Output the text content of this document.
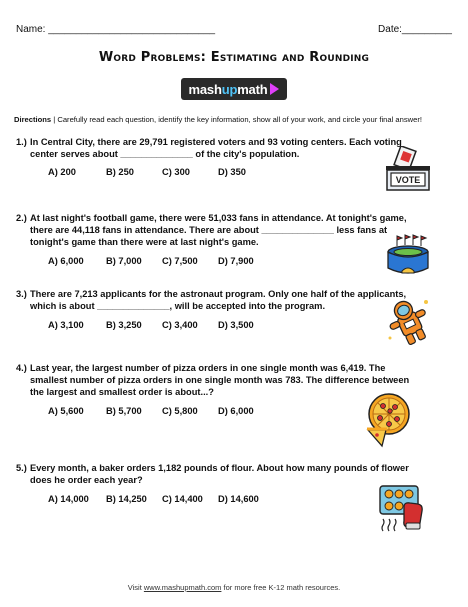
Name: ______________________________	Date:_________
Word Problems: Estimating and Rounding
mashupmath
Directions | Carefully read each question, identify the key information, show all of your work, and circle your final answer!
1.) In Central City, there are 29,791 registered voters and 93 voting centers. Each voting
center serves about ______________ of the city's population.
A) 200	B) 250	C) 300	D) 350
2.) At last night's football game, there were 51,033 fans in attendance. At tonight's game,
there are 44,118 fans in attendance. There are about ______________ less fans at
tonight's game than there were at last night's game.
A) 6,000	B) 7,000	C) 7,500	D) 7,900
3.) There are 7,213 applicants for the astronaut program. Only one half of the applicants,
which is about ______________, will be accepted into the program.
A) 3,100	B) 3,250	C) 3,400	D) 3,500
4.) Last year, the largest number of pizza orders in one single month was 6,419. The
smallest number of pizza orders in one single month was 783. The difference between
the largest and smallest order is about...?
A) 5,600	B) 5,700	C) 5,800	D) 6,000
5.) Every month, a baker orders 1,182 pounds of flour. About how many pounds of flower
does he order each year?
A) 14,000	B) 14,250	C) 14,400	D) 14,600
VOTE
Visit www.mashupmath.com for more free K-12 math resources.
